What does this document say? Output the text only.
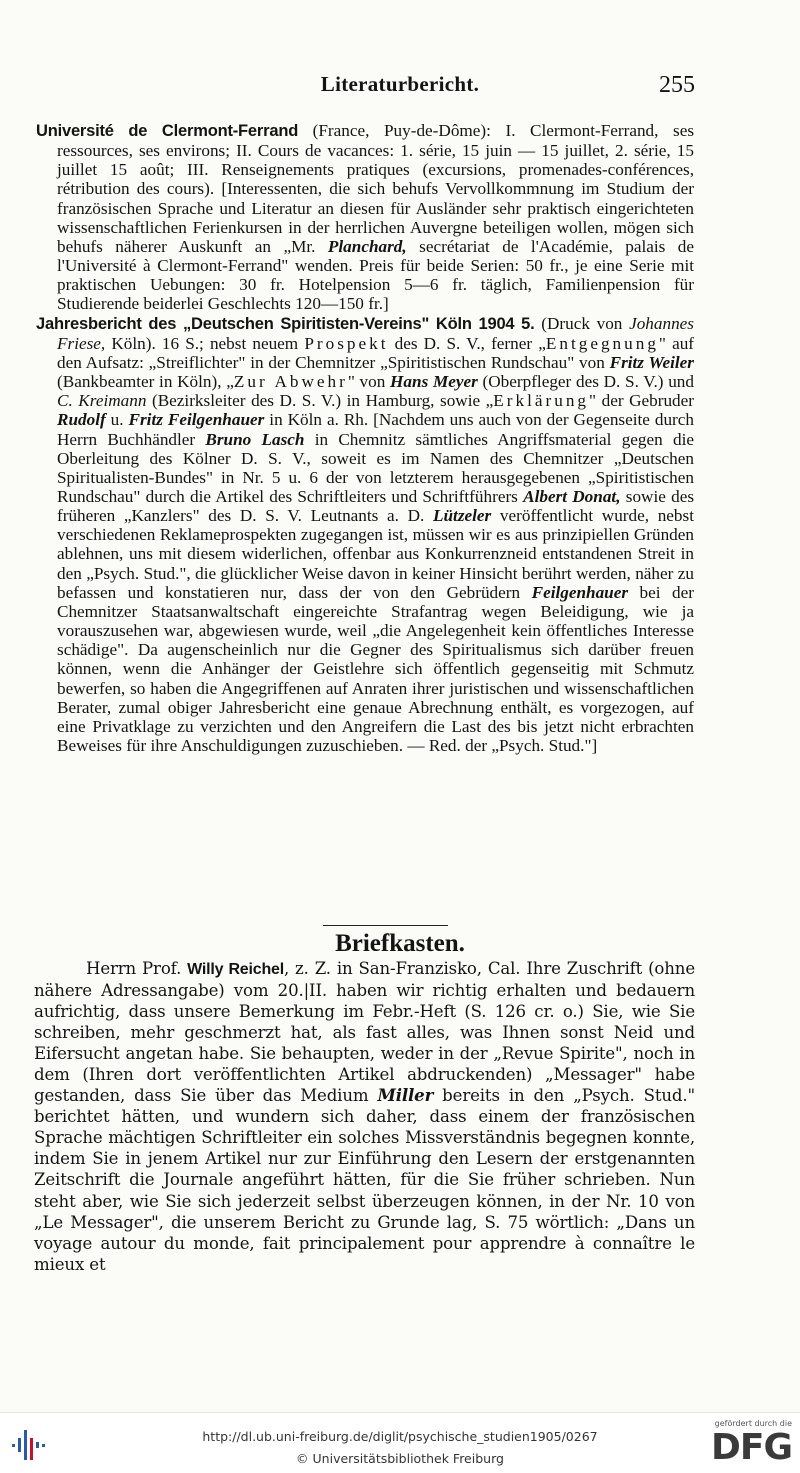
Literaturbericht.	255

Université de Clermont-Ferrand (France, Puy-de-Dôme): I. Clermont-Ferrand, ses ressources, ses environs; II. Cours de vacances: 1. série, 15 juin — 15 juillet, 2. série, 15 juillet 15 août; III. Renseignements pratiques (excursions, promenades-conférences, rétribution des cours). [Interessenten, die sich behufs Vervollkommnung im Studium der französischen Sprache und Literatur an diesen für Ausländer sehr praktisch eingerichteten wissenschaftlichen Ferienkursen in der herrlichen Auvergne beteiligen wollen, mögen sich behufs näherer Auskunft an „Mr. Planchard, secrétariat de l'Académie, palais de l'Université à Clermont-Ferrand" wenden. Preis für beide Serien: 50 fr., je eine Serie mit praktischen Uebungen: 30 fr. Hotelpension 5—6 fr. täglich, Familienpension für Studierende beiderlei Geschlechts 120—150 fr.]

Jahresbericht des „Deutschen Spiritisten-Vereins" Köln 1904 5. (Druck von Johannes Friese, Köln). 16 S.; nebst neuem Prospekt des D. S. V., ferner „Entgegnung" auf den Aufsatz: „Streiflichter" in der Chemnitzer „Spiritistischen Rundschau" von Fritz Weiler (Bankbeamter in Köln), „Zur Abwehr" von Hans Meyer (Oberpfleger des D. S. V.) und C. Kreimann (Bezirksleiter des D. S. V.) in Hamburg, sowie „Erklärung" der Gebruder Rudolf u. Fritz Feilgenhauer in Köln a. Rh. [Nachdem uns auch von der Gegenseite durch Herrn Buchhändler Bruno Lasch in Chemnitz sämtliches Angriffsmaterial gegen die Oberleitung des Kölner D. S. V., soweit es im Namen des Chemnitzer „Deutschen Spiritualisten-Bundes" in Nr. 5 u. 6 der von letzterem herausgegebenen „Spiritistischen Rundschau" durch die Artikel des Schriftleiters und Schriftführers Albert Donat, sowie des früheren „Kanzlers" des D. S. V. Leutnants a. D. Lützeler veröffentlicht wurde, nebst verschiedenen Reklameprospekten zugegangen ist, müssen wir es aus prinzipiellen Gründen ablehnen, uns mit diesem widerlichen, offenbar aus Konkurrenzneid entstandenen Streit in den „Psych. Stud.", die glücklicher Weise davon in keiner Hinsicht berührt werden, näher zu befassen und konstatieren nur, dass der von den Gebrüdern Feilgenhauer bei der Chemnitzer Staatsanwaltschaft eingereichte Strafantrag wegen Beleidigung, wie ja vorauszusehen war, abgewiesen wurde, weil „die Angelegenheit kein öffentliches Interesse schädige". Da augenscheinlich nur die Gegner des Spiritualismus sich darüber freuen können, wenn die Anhänger der Geistlehre sich öffentlich gegenseitig mit Schmutz bewerfen, so haben die Angegriffenen auf Anraten ihrer juristischen und wissenschaftlichen Berater, zumal obiger Jahresbericht eine genaue Abrechnung enthält, es vorgezogen, auf eine Privatklage zu verzichten und den Angreifern die Last des bis jetzt nicht erbrachten Beweises für ihre Anschuldigungen zuzuschieben. — Red. der „Psych. Stud."]

Briefkasten.

Herrn Prof. Willy Reichel, z. Z. in San-Franzisko, Cal. Ihre Zuschrift (ohne nähere Adressangabe) vom 20.|II. haben wir richtig erhalten und bedauern aufrichtig, dass unsere Bemerkung im Febr.-Heft (S. 126 cr. o.) Sie, wie Sie schreiben, mehr geschmerzt hat, als fast alles, was Ihnen sonst Neid und Eifersucht angetan habe. Sie behaupten, weder in der „Revue Spirite", noch in dem (Ihren dort veröffentlichten Artikel abdruckenden) „Messager" habe gestanden, dass Sie über das Medium Miller bereits in den „Psych. Stud." berichtet hätten, und wundern sich daher, dass einem der französischen Sprache mächtigen Schriftleiter ein solches Missverständnis begegnen konnte, indem Sie in jenem Artikel nur zur Einführung den Lesern der erstgenannten Zeitschrift die Journale angeführt hätten, für die Sie früher schrieben. Nun steht aber, wie Sie sich jederzeit selbst überzeugen können, in der Nr. 10 von „Le Messager", die unserem Bericht zu Grunde lag, S. 75 wörtlich: „Dans un voyage autour du monde, fait principalement pour apprendre à connaître le mieux et

http://dl.ub.uni-freiburg.de/diglit/psychische_studien1905/0267
© Universitätsbibliothek Freiburg
gefördert durch die
DFG
